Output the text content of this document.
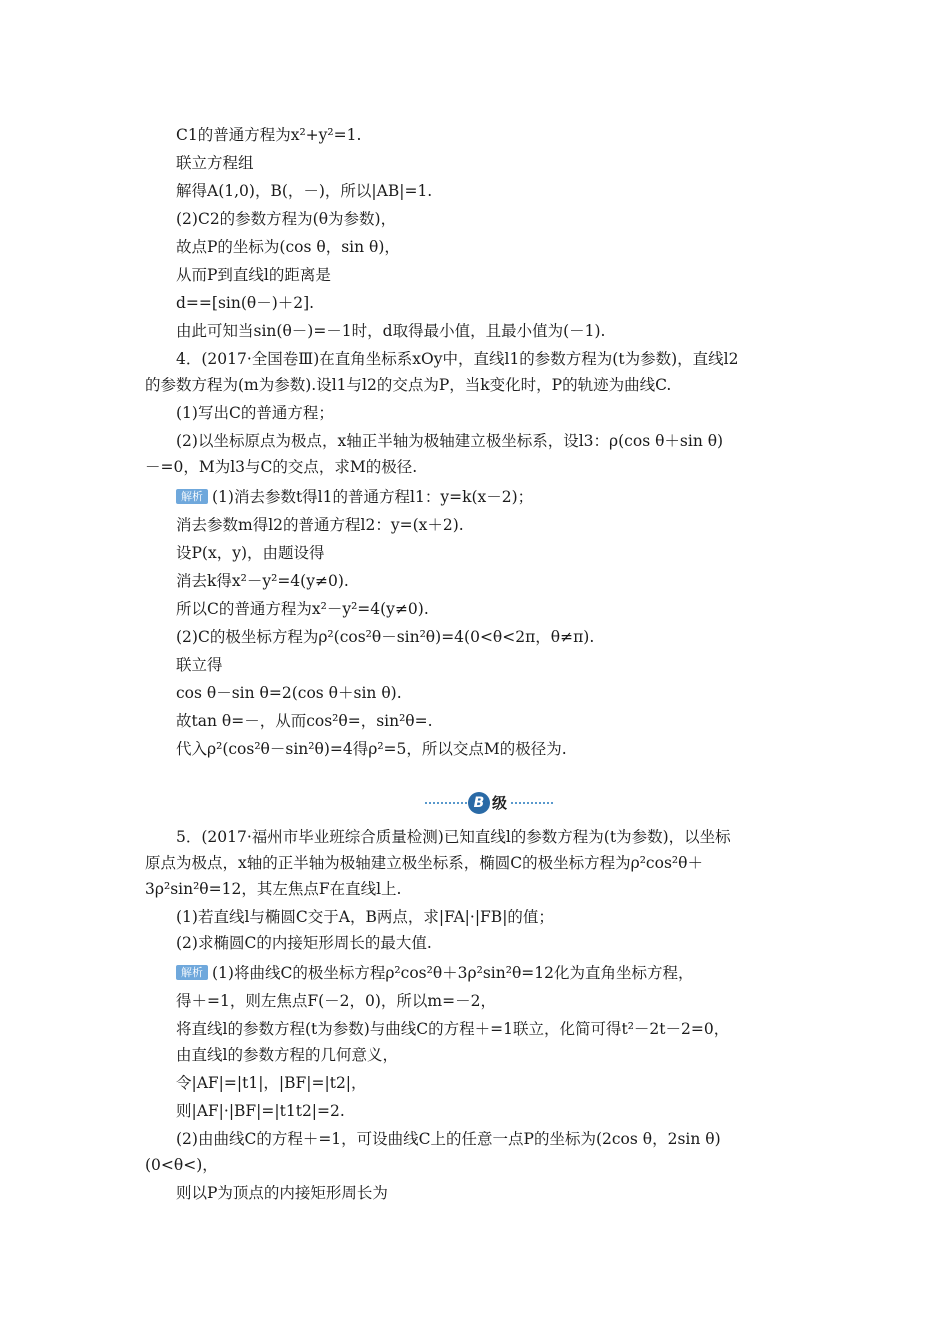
C1的普通方程为x²+y²=1.
联立方程组
解得A(1,0)，B(，－)，所以|AB|=1.
(2)C2的参数方程为(θ为参数)，
故点P的坐标为(cos θ，sin θ)，
从而P到直线l的距离是
d==[sin(θ－)＋2].
由此可知当sin(θ－)=－1时，d取得最小值，且最小值为(－1).
4．(2017·全国卷Ⅲ)在直角坐标系xOy中，直线l1的参数方程为(t为参数)，直线l2
的参数方程为(m为参数).设l1与l2的交点为P，当k变化时，P的轨迹为曲线C.
(1)写出C的普通方程；
(2)以坐标原点为极点，x轴正半轴为极轴建立极坐标系，设l3：ρ(cos θ＋sin θ)
－=0，M为l3与C的交点，求M的极径.
解析 (1)消去参数t得l1的普通方程l1：y=k(x－2)；
消去参数m得l2的普通方程l2：y=(x＋2).
设P(x，y)，由题设得
消去k得x²－y²=4(y≠0).
所以C的普通方程为x²－y²=4(y≠0).
(2)C的极坐标方程为ρ²(cos²θ－sin²θ)=4(0<θ<2π，θ≠π).
联立得
cos θ－sin θ=2(cos θ＋sin θ).
故tan θ=－，从而cos²θ=，sin²θ=.
代入ρ²(cos²θ－sin²θ)=4得ρ²=5，所以交点M的极径为.
B 级
5．(2017·福州市毕业班综合质量检测)已知直线l的参数方程为(t为参数)，以坐标
原点为极点，x轴的正半轴为极轴建立极坐标系，椭圆C的极坐标方程为ρ²cos²θ＋
3ρ²sin²θ=12，其左焦点F在直线l上.
(1)若直线l与椭圆C交于A，B两点，求|FA|·|FB|的值；
(2)求椭圆C的内接矩形周长的最大值.
解析 (1)将曲线C的极坐标方程ρ²cos²θ＋3ρ²sin²θ=12化为直角坐标方程，
得＋=1，则左焦点F(－2，0)，所以m=－2，
将直线l的参数方程(t为参数)与曲线C的方程＋=1联立，化简可得t²－2t－2=0，
由直线l的参数方程的几何意义，
令|AF|=|t1|，|BF|=|t2|，
则|AF|·|BF|=|t1t2|=2.
(2)由曲线C的方程＋=1，可设曲线C上的任意一点P的坐标为(2cos θ，2sin θ)
(0<θ<)，
则以P为顶点的内接矩形周长为
